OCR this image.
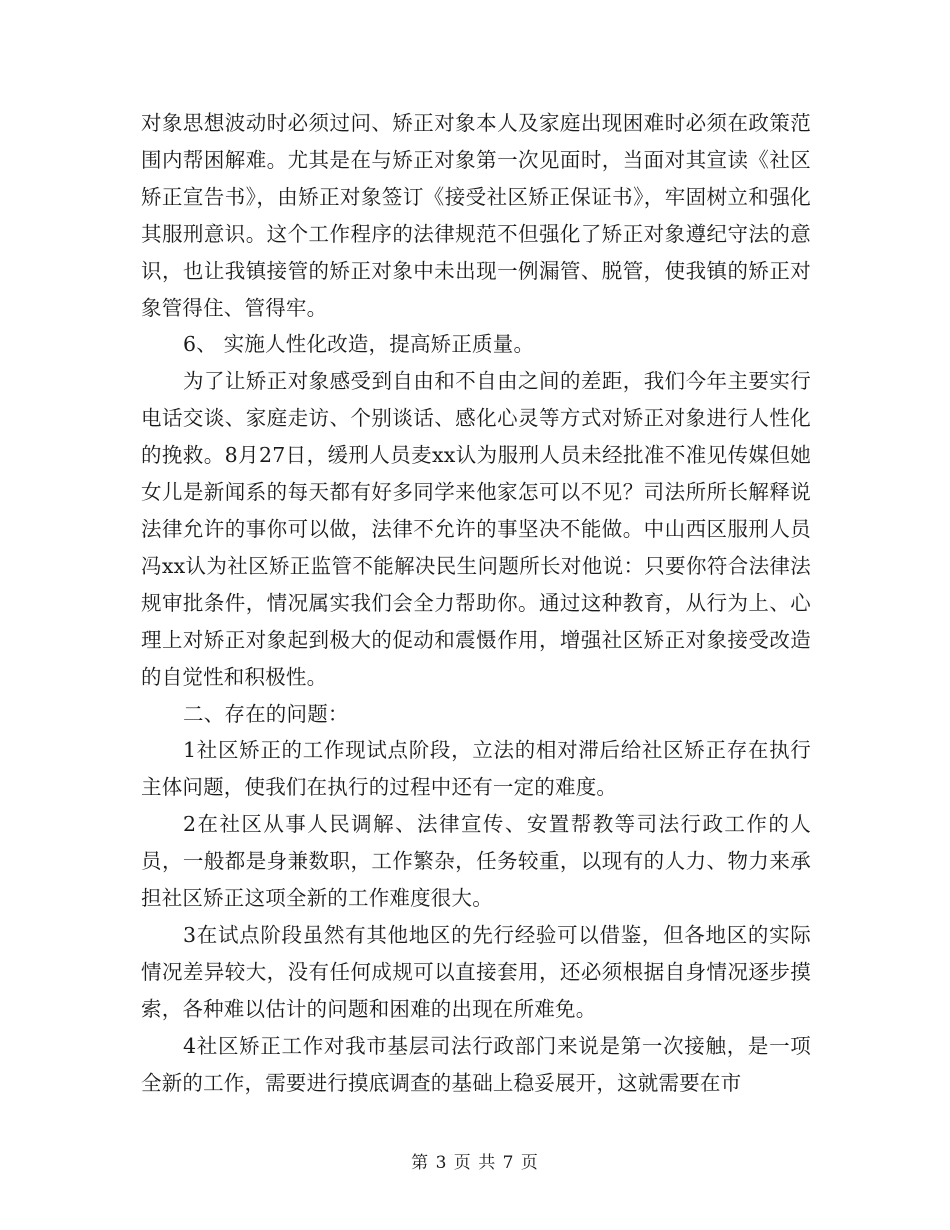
对象思想波动时必须过问、矫正对象本人及家庭出现困难时必须在政策范围内帮困解难。尤其是在与矫正对象第一次见面时，当面对其宣读《社区矫正宣告书》，由矫正对象签订《接受社区矫正保证书》，牢固树立和强化其服刑意识。这个工作程序的法律规范不但强化了矫正对象遵纪守法的意识，也让我镇接管的矫正对象中未出现一例漏管、脱管，使我镇的矫正对象管得住、管得牢。

6、 实施人性化改造，提高矫正质量。

为了让矫正对象感受到自由和不自由之间的差距，我们今年主要实行电话交谈、家庭走访、个别谈话、感化心灵等方式对矫正对象进行人性化的挽救。8月27日，缓刑人员麦xx认为服刑人员未经批准不准见传媒但她女儿是新闻系的每天都有好多同学来他家怎可以不见？司法所所长解释说法律允许的事你可以做，法律不允许的事坚决不能做。中山西区服刑人员冯xx认为社区矫正监管不能解决民生问题所长对他说：只要你符合法律法规审批条件，情况属实我们会全力帮助你。通过这种教育，从行为上、心理上对矫正对象起到极大的促动和震慑作用，增强社区矫正对象接受改造的自觉性和积极性。

二、存在的问题：

1社区矫正的工作现试点阶段，立法的相对滞后给社区矫正存在执行主体问题，使我们在执行的过程中还有一定的难度。

2在社区从事人民调解、法律宣传、安置帮教等司法行政工作的人员，一般都是身兼数职，工作繁杂，任务较重，以现有的人力、物力来承担社区矫正这项全新的工作难度很大。

3在试点阶段虽然有其他地区的先行经验可以借鉴，但各地区的实际情况差异较大，没有任何成规可以直接套用，还必须根据自身情况逐步摸索，各种难以估计的问题和困难的出现在所难免。

4社区矫正工作对我市基层司法行政部门来说是第一次接触，是一项全新的工作，需要进行摸底调查的基础上稳妥展开，这就需要在市

第 3 页 共 7 页
